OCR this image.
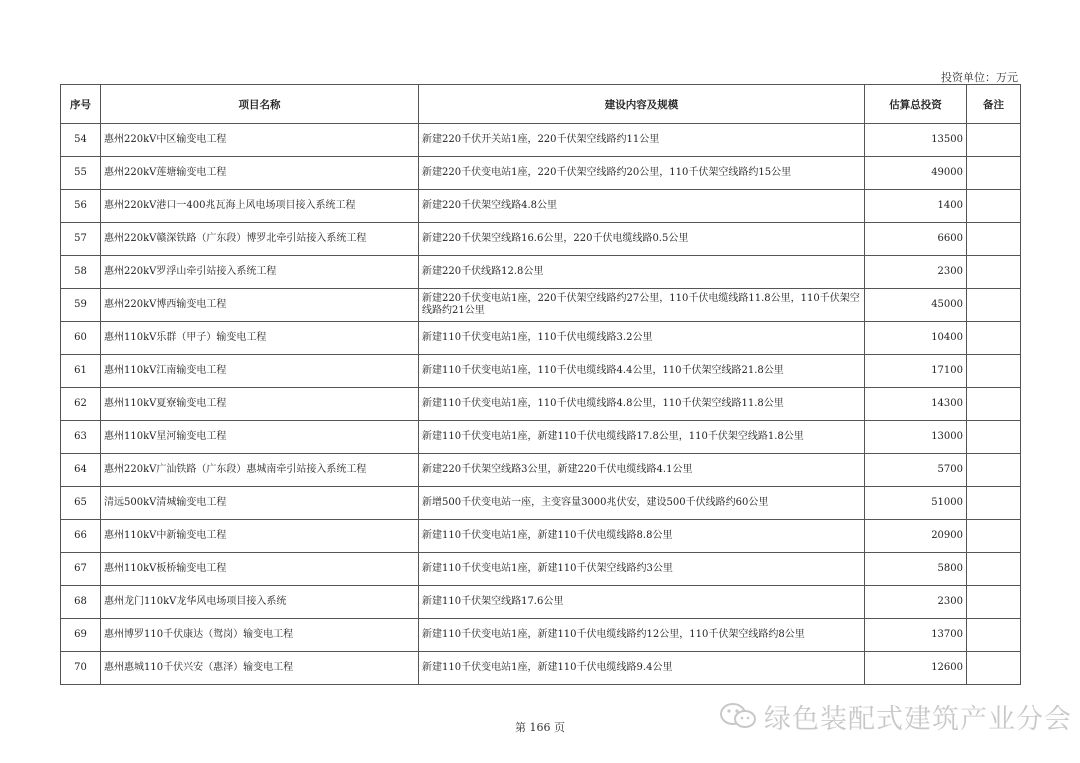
投资单位：万元
序号	项目名称	建设内容及规模	估算总投资	备注
54	惠州220kV中区输变电工程	新建220千伏开关站1座，220千伏架空线路约11公里	13500	
55	惠州220kV莲塘输变电工程	新建220千伏变电站1座，220千伏架空线路约20公里，110千伏架空线路约15公里	49000	
56	惠州220kV港口一400兆瓦海上风电场项目接入系统工程	新建220千伏架空线路4.8公里	1400	
57	惠州220kV赣深铁路（广东段）博罗北牵引站接入系统工程	新建220千伏架空线路16.6公里，220千伏电缆线路0.5公里	6600	
58	惠州220kV罗浮山牵引站接入系统工程	新建220千伏线路12.8公里	2300	
59	惠州220kV博西输变电工程	新建220千伏变电站1座，220千伏架空线路约27公里，110千伏电缆线路11.8公里，110千伏架空线路约21公里	45000	
60	惠州110kV乐群（甲子）输变电工程	新建110千伏变电站1座，110千伏电缆线路3.2公里	10400	
61	惠州110kV江南输变电工程	新建110千伏变电站1座，110千伏电缆线路4.4公里，110千伏架空线路21.8公里	17100	
62	惠州110kV夏寮输变电工程	新建110千伏变电站1座，110千伏电缆线路4.8公里，110千伏架空线路11.8公里	14300	
63	惠州110kV星河输变电工程	新建110千伏变电站1座，新建110千伏电缆线路17.8公里，110千伏架空线路1.8公里	13000	
64	惠州220kV广汕铁路（广东段）惠城南牵引站接入系统工程	新建220千伏架空线路3公里，新建220千伏电缆线路4.1公里	5700	
65	清远500kV清城输变电工程	新增500千伏变电站一座，主变容量3000兆伏安，建设500千伏线路约60公里	51000	
66	惠州110kV中新输变电工程	新建110千伏变电站1座，新建110千伏电缆线路8.8公里	20900	
67	惠州110kV板桥输变电工程	新建110千伏变电站1座，新建110千伏架空线路约3公里	5800	
68	惠州龙门110kV龙华风电场项目接入系统	新建110千伏架空线路17.6公里	2300	
69	惠州博罗110千伏康达（鸳岗）输变电工程	新建110千伏变电站1座，新建110千伏电缆线路约12公里，110千伏架空线路约8公里	13700	
70	惠州惠城110千伏兴安（惠泽）输变电工程	新建110千伏变电站1座，新建110千伏电缆线路9.4公里	12600	
第 166 页	绿色装配式建筑产业分会
